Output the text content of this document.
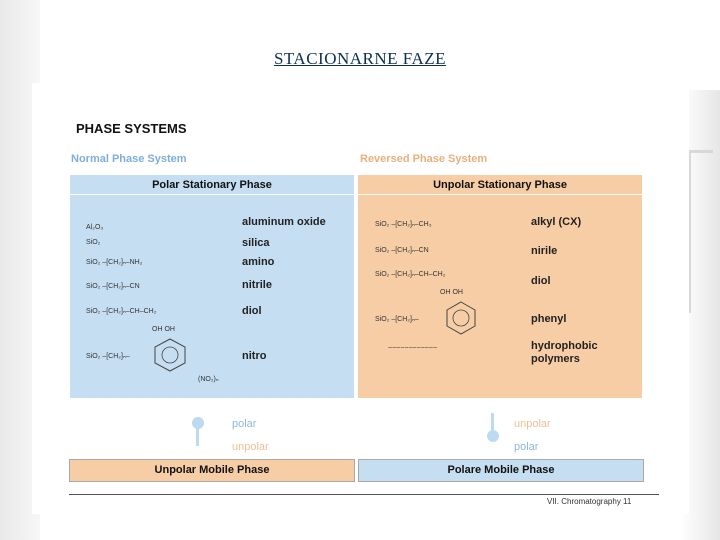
STACIONARNE FAZE
PHASE SYSTEMS
Normal Phase System	Reversed Phase System
Polar Stationary Phase
Al₂O₃
SiO₂
SiO₂ ‒[CH₂]ₙ‒NH₂
SiO₂ ‒[CH₂]ₙ‒CN
SiO₂ ‒[CH₂]ₙ‒CH‒CH₂
OH OH
SiO₂ ‒[CH₂]ₙ‒
(NO₂)ₙ
aluminum oxide
silica
amino
nitrile
diol
nitro
Unpolar Stationary Phase
SiO₂ ‒[CH₂]ₙ‒CH₃
SiO₂ ‒[CH₂]ₙ‒CN
SiO₂ ‒[CH₂]ₙ‒CH‒CH₂
OH OH
SiO₂ ‒[CH₂]ₙ‒
~~~~~~~~~~~~
alkyl (CX)
nirile
diol
phenyl
hydrophobic
polymers
polar
unpolar
unpolar
polar
Unpolar Mobile Phase	Polare Mobile Phase
VII. Chromatography 11
